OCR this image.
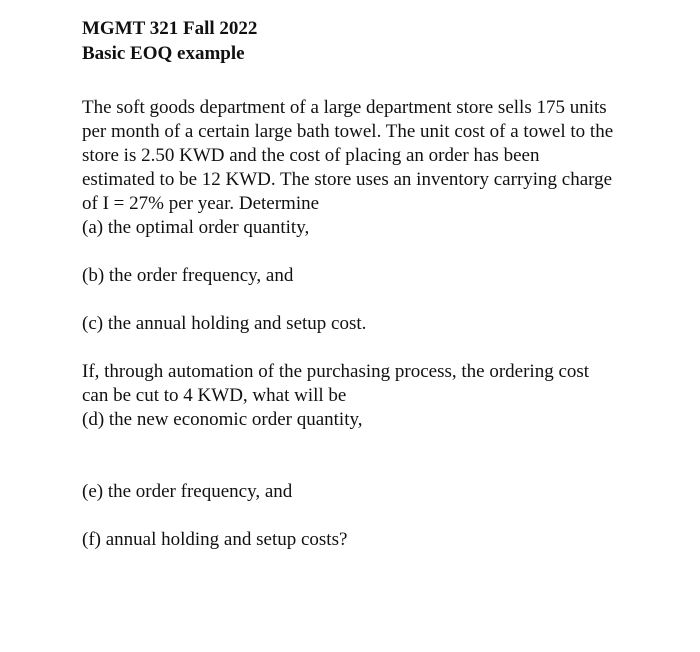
MGMT 321 Fall 2022
Basic EOQ example

The soft goods department of a large department store sells 175 units per month of a certain large bath towel. The unit cost of a towel to the store is 2.50 KWD and the cost of placing an order has been estimated to be 12 KWD. The store uses an inventory carrying charge of I = 27% per year. Determine

(a) the optimal order quantity,
(b) the order frequency, and
(c) the annual holding and setup cost.

If, through automation of the purchasing process, the ordering cost can be cut to 4 KWD, what will be

(d) the new economic order quantity,
(e) the order frequency, and
(f) annual holding and setup costs?
